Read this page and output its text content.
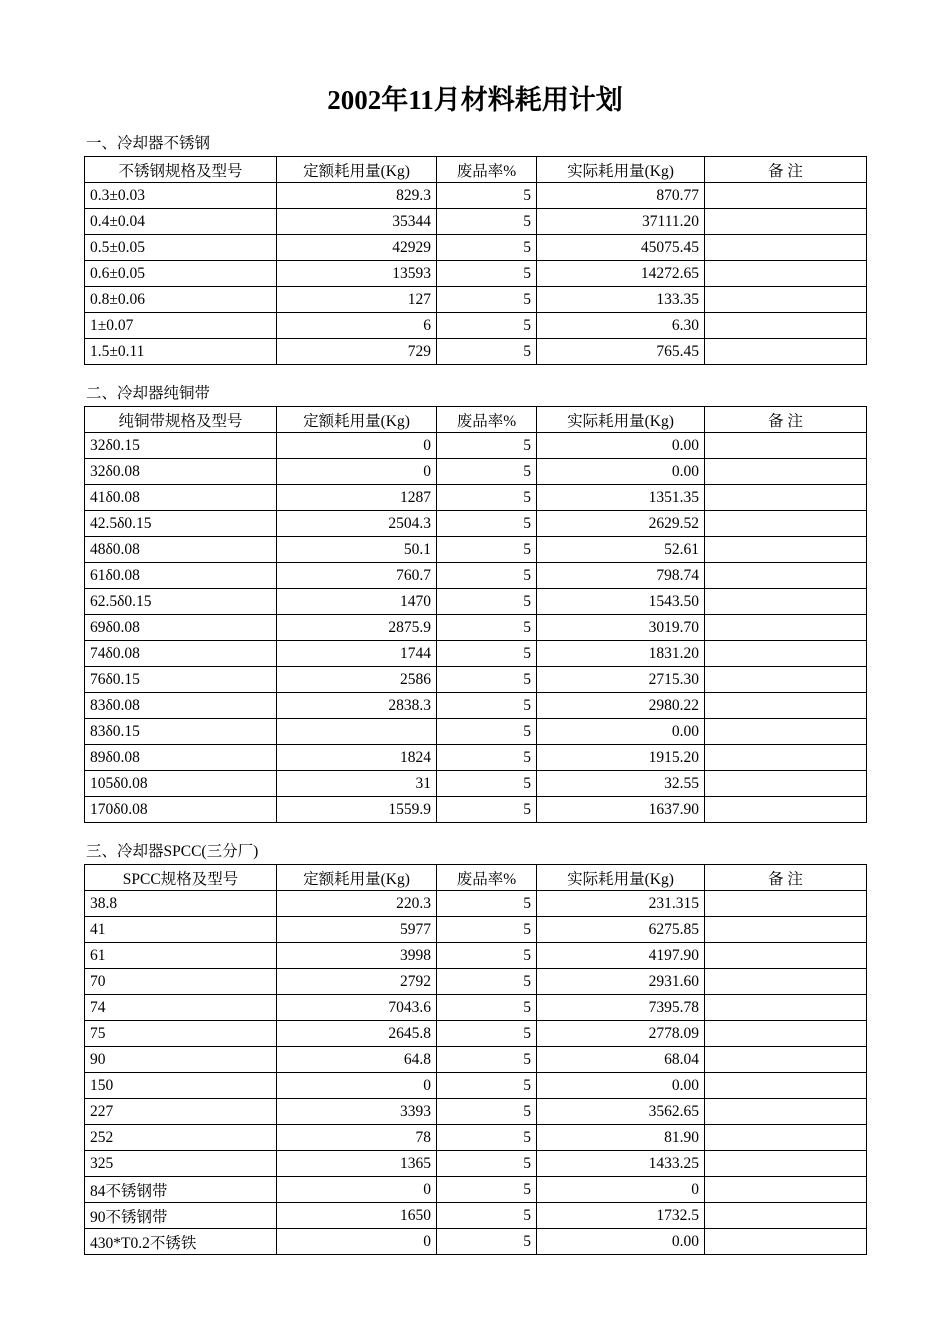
2002年11月材料耗用计划
一、冷却器不锈钢
不锈钢规格及型号	定额耗用量(Kg)	废品率%	实际耗用量(Kg)	备 注
0.3±0.03	829.3	5	870.77	
0.4±0.04	35344	5	37111.20	
0.5±0.05	42929	5	45075.45	
0.6±0.05	13593	5	14272.65	
0.8±0.06	127	5	133.35	
1±0.07	6	5	6.30	
1.5±0.11	729	5	765.45	
二、冷却器纯铜带
纯铜带规格及型号	定额耗用量(Kg)	废品率%	实际耗用量(Kg)	备 注
32δ0.15	0	5	0.00	
32δ0.08	0	5	0.00	
41δ0.08	1287	5	1351.35	
42.5δ0.15	2504.3	5	2629.52	
48δ0.08	50.1	5	52.61	
61δ0.08	760.7	5	798.74	
62.5δ0.15	1470	5	1543.50	
69δ0.08	2875.9	5	3019.70	
74δ0.08	1744	5	1831.20	
76δ0.15	2586	5	2715.30	
83δ0.08	2838.3	5	2980.22	
83δ0.15		5	0.00	
89δ0.08	1824	5	1915.20	
105δ0.08	31	5	32.55	
170δ0.08	1559.9	5	1637.90	
三、冷却器SPCC(三分厂)
SPCC规格及型号	定额耗用量(Kg)	废品率%	实际耗用量(Kg)	备 注
38.8	220.3	5	231.315	
41	5977	5	6275.85	
61	3998	5	4197.90	
70	2792	5	2931.60	
74	7043.6	5	7395.78	
75	2645.8	5	2778.09	
90	64.8	5	68.04	
150	0	5	0.00	
227	3393	5	3562.65	
252	78	5	81.90	
325	1365	5	1433.25	
84不锈钢带	0	5	0	
90不锈钢带	1650	5	1732.5	
430*T0.2不锈铁	0	5	0.00	
